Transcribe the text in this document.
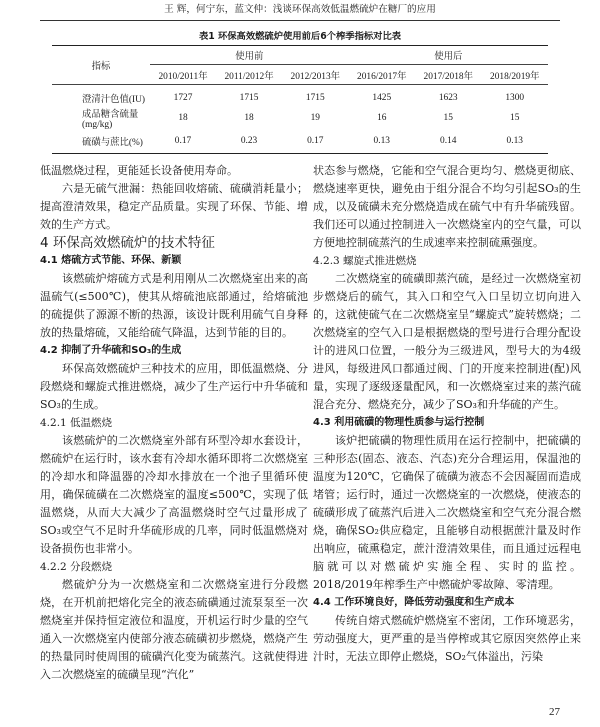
王 辉，何宁东，蓝文仲：浅谈环保高效低温燃硫炉在糖厂的应用
表1 环保高效燃硫炉使用前后6个榨季指标对比表
指标	使用前			使用后		
	2010/2011年	2011/2012年	2012/2013年	2016/2017年	2017/2018年	2018/2019年
澄清汁色值(IU)	1727	1715	1715	1425	1623	1300
成品糖含硫量(mg/kg)	18	18	19	16	15	15
硫磺与蔗比(%)	0.17	0.23	0.17	0.13	0.14	0.13

低温燃烧过程，更能延长设备使用寿命。

六是无硫气泄漏：热能回收熔硫、硫磺消耗量小；提高澄清效果，稳定产品质量。实现了环保、节能、增效的生产方式。

4 环保高效燃硫炉的技术特征

4.1 熔硫方式节能、环保、新颖

该燃硫炉熔硫方式是利用刚从二次燃烧室出来的高温硫气(≤500℃)，使其从熔硫池底部通过，给熔硫池的硫提供了源源不断的热源，该设计既利用硫气自身释放的热量熔硫，又能给硫气降温，达到节能的目的。

4.2 抑制了升华硫和SO₃的生成

环保高效燃硫炉三种技术的应用，即低温燃烧、分段燃烧和螺旋式推进燃烧，减少了生产运行中升华硫和SO₃的生成。

4.2.1 低温燃烧

该燃硫炉的二次燃烧室外部有环型冷却水套设计，燃硫炉在运行时，该水套有冷却水循环即将二次燃烧室的冷却水和降温器的冷却水排放在一个池子里循环使用，确保硫磺在二次燃烧室的温度≤500℃，实现了低温燃烧，从而大大减少了高温燃烧时空气过量形成了SO₃或空气不足时升华硫形成的几率，同时低温燃烧对设备损伤也非常小。

4.2.2 分段燃烧

燃硫炉分为一次燃烧室和二次燃烧室进行分段燃烧，在开机前把熔化完全的液态硫磺通过流泵泵至一次燃烧室并保持恒定液位和温度，开机运行时少量的空气通入一次燃烧室内使部分液态硫磺初步燃烧，燃烧产生的热量同时使周围的硫磺汽化变为硫蒸汽。这就使得进入二次燃烧室的硫磺呈现“汽化”

状态参与燃烧，它能和空气混合更均匀、燃烧更彻底、燃烧速率更快，避免由于组分混合不均匀引起SO₃的生成，以及硫磺未充分燃烧造成在硫气中有升华硫残留。我们还可以通过控制进入一次燃烧室内的空气量，可以方便地控制硫蒸汽的生成速率来控制硫熏强度。

4.2.3 螺旋式推进燃烧

二次燃烧室的硫磺即蒸汽硫，是经过一次燃烧室初步燃烧后的硫气，其入口和空气入口呈切立切向进入的，这就使硫气在二次燃烧室呈“螺旋式”旋转燃烧；二次燃烧室的空气入口是根据燃烧的型号进行合理分配设计的进风口位置，一般分为三级进风，型号大的为4级进风，每级进风口都通过阀、门的开度来控制进(配)风量，实现了逐级逐量配风，和一次燃烧室过来的蒸汽硫混合充分、燃烧充分，减少了SO₃和升华硫的产生。

4.3 利用硫磺的物理性质参与运行控制

该炉把硫磺的物理性质用在运行控制中，把硫磺的三种形态(固态、液态、汽态)充分合理运用，保温池的温度为120℃，它确保了硫磺为液态不会因凝固而造成堵管；运行时，通过一次燃烧室的一次燃烧，使液态的硫磺形成了硫蒸汽后进入二次燃烧室和空气充分混合燃烧，确保SO₂供应稳定，且能够自动根据蔗汁量及时作出响应，硫熏稳定，蔗汁澄清效果佳，而且通过远程电脑就可以对燃硫炉实施全程、实时的监控。2018/2019年榨季生产中燃硫炉零故障、零清理。

4.4 工作环境良好，降低劳动强度和生产成本

传统自熔式燃硫炉燃烧室不密闭，工作环境恶劣，劳动强度大，更严重的是当停榨或其它原因突然停止来汁时，无法立即停止燃烧，SO₂气体溢出，污染

27
